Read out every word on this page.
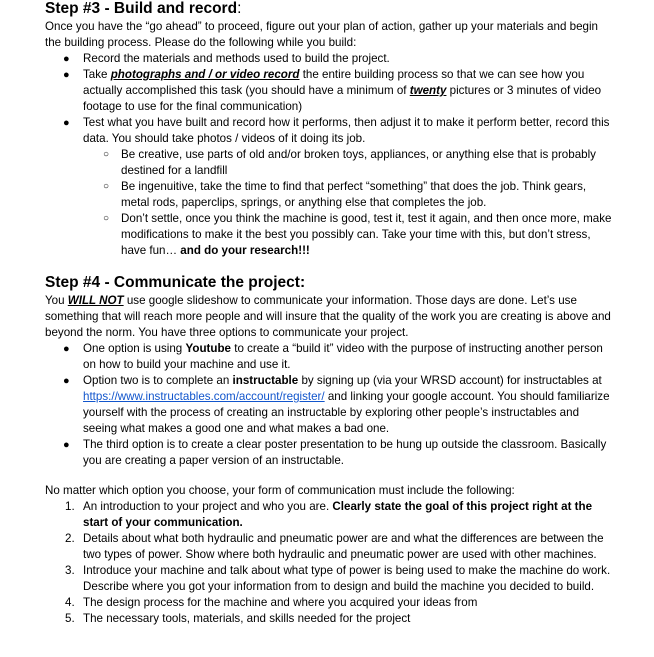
Step #3 - Build and record:

Once you have the “go ahead” to proceed, figure out your plan of action, gather up your materials and begin the building process. Please do the following while you build:

● Record the materials and methods used to build the project.
● Take photographs and / or video record the entire building process so that we can see how you actually accomplished this task (you should have a minimum of twenty pictures or 3 minutes of video footage to use for the final communication)
● Test what you have built and record how it performs, then adjust it to make it perform better, record this data. You should take photos / videos of it doing its job.
○ Be creative, use parts of old and/or broken toys, appliances, or anything else that is probably destined for a landfill
○ Be ingenuitive, take the time to find that perfect “something” that does the job. Think gears, metal rods, paperclips, springs, or anything else that completes the job.
○ Don’t settle, once you think the machine is good, test it, test it again, and then once more, make modifications to make it the best you possibly can. Take your time with this, but don’t stress, have fun… and do your research!!!
Step #4 - Communicate the project:

You WILL NOT use google slideshow to communicate your information. Those days are done. Let’s use something that will reach more people and will insure that the quality of the work you are creating is above and beyond the norm. You have three options to communicate your project.

● One option is using Youtube to create a “build it” video with the purpose of instructing another person on how to build your machine and use it.
● Option two is to complete an instructable by signing up (via your WRSD account) for instructables at https://www.instructables.com/account/register/ and linking your google account. You should familiarize yourself with the process of creating an instructable by exploring other people’s instructables and seeing what makes a good one and what makes a bad one.
● The third option is to create a clear poster presentation to be hung up outside the classroom. Basically you are creating a paper version of an instructable.

No matter which option you choose, your form of communication must include the following:

1. An introduction to your project and who you are. Clearly state the goal of this project right at the start of your communication.
2. Details about what both hydraulic and pneumatic power are and what the differences are between the two types of power. Show where both hydraulic and pneumatic power are used with other machines.
3. Introduce your machine and talk about what type of power is being used to make the machine do work. Describe where you got your information from to design and build the machine you decided to build.
4. The design process for the machine and where you acquired your ideas from
5. The necessary tools, materials, and skills needed for the project
